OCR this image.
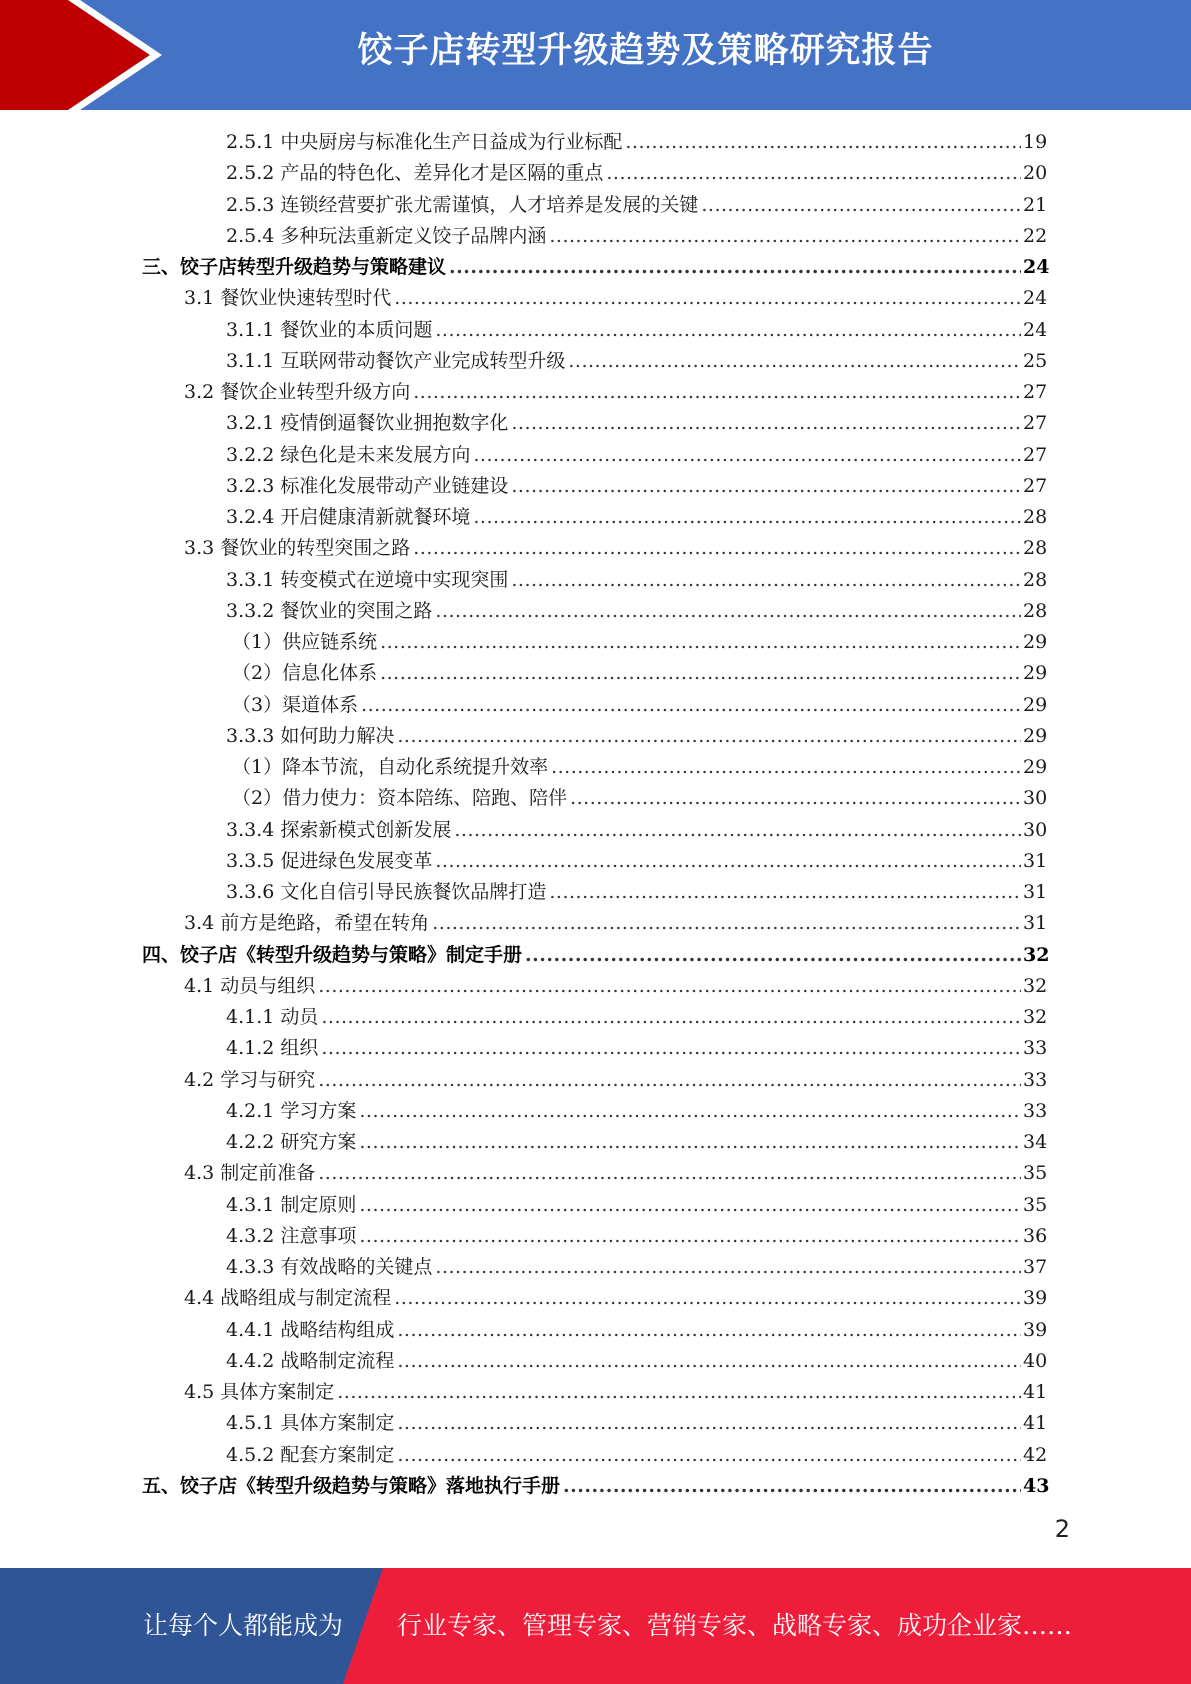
饺子店转型升级趋势及策略研究报告
2.5.1 中央厨房与标准化生产日益成为行业标配 .....	19
2.5.2 产品的特色化、差异化才是区隔的重点 .....	20
2.5.3 连锁经营要扩张尤需谨慎，人才培养是发展的关键 .....	21
2.5.4 多种玩法重新定义饺子品牌内涵 .....	22
三、饺子店转型升级趋势与策略建议 .....	24
3.1 餐饮业快速转型时代 .....	24
3.1.1 餐饮业的本质问题 .....	24
3.1.1 互联网带动餐饮产业完成转型升级 .....	25
3.2 餐饮企业转型升级方向 .....	27
3.2.1 疫情倒逼餐饮业拥抱数字化 .....	27
3.2.2 绿色化是未来发展方向 .....	27
3.2.3 标准化发展带动产业链建设 .....	27
3.2.4 开启健康清新就餐环境 .....	28
3.3 餐饮业的转型突围之路 .....	28
3.3.1 转变模式在逆境中实现突围 .....	28
3.3.2 餐饮业的突围之路 .....	28
（1）供应链系统 .....	29
（2）信息化体系 .....	29
（3）渠道体系 .....	29
3.3.3 如何助力解决 .....	29
（1）降本节流，自动化系统提升效率 .....	29
（2）借力使力：资本陪练、陪跑、陪伴 .....	30
3.3.4 探索新模式创新发展 .....	30
3.3.5 促进绿色发展变革 .....	31
3.3.6 文化自信引导民族餐饮品牌打造 .....	31
3.4 前方是绝路，希望在转角 .....	31
四、饺子店《转型升级趋势与策略》制定手册 .....	32
4.1 动员与组织 .....	32
4.1.1 动员 .....	32
4.1.2 组织 .....	33
4.2 学习与研究 .....	33
4.2.1 学习方案 .....	33
4.2.2 研究方案 .....	34
4.3 制定前准备 .....	35
4.3.1 制定原则 .....	35
4.3.2 注意事项 .....	36
4.3.3 有效战略的关键点 .....	37
4.4 战略组成与制定流程 .....	39
4.4.1 战略结构组成 .....	39
4.4.2 战略制定流程 .....	40
4.5 具体方案制定 .....	41
4.5.1 具体方案制定 .....	41
4.5.2 配套方案制定 .....	42
五、饺子店《转型升级趋势与策略》落地执行手册 .....	43
2
让每个人都能成为 行业专家、管理专家、营销专家、战略专家、成功企业家……
